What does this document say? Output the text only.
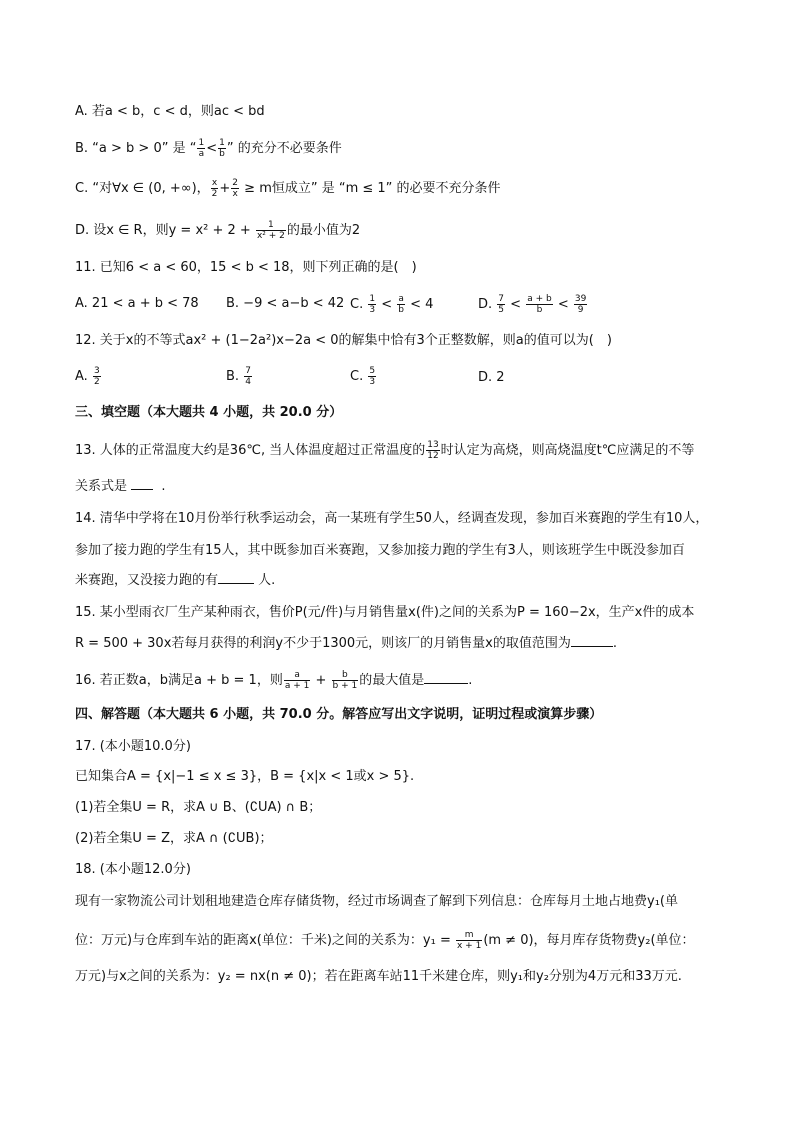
A. 若a < b，c < d，则ac < bd
B. “a > b > 0” 是 “ $\frac{1}{a} < \frac{1}{b}$ ” 的充分不必要条件
C. “对∀x ∈ (0, +∞)， $\frac{x}{2} + \frac{2}{x} \ge m$恒成立” 是 “m ≤ 1” 的必要不充分条件
D. 设x ∈ R，则$y = x^2 + 2 + \frac{1}{\text{x² + 2}}$ 的最小值为2
11. 已知6 < a < 60，15 < b < 18，则下列正确的是(　)
A. 21 < a + b < 78 B. −9 < a−b < 42 C. $\frac{1}{3} < \frac{a}{b} < 4$	D. $\frac{7}{5} < \frac{a + b}{b} < \frac{39}{9}$
12. 关于x的不等式ax² + (1−2a²)x−2a < 0的解集中恰有3个正整数解，则a的值可以为(　)
A. $\frac{3}{2}$	B. $\frac{7}{4}$	C. $\frac{5}{3}$	D. 2
三、填空题（本大题共 4 小题，共 20.0 分）
13. 人体的正常温度大约是36℃, 当人体温度超过正常温度的 $\frac{13}{12}$ 时认定为高烧，则高烧温度t℃应满足的不等
关系式是	.
14. 清华中学将在10月份举行秋季运动会，高一某班有学生50人，经调查发现，参加百米赛跑的学生有10人，
参加了接力跑的学生有15人，其中既参加百米赛跑，又参加接力跑的学生有3人，则该班学生中既没参加百
米赛跑，又没接力跑的有	人.
15. 某小型雨衣厂生产某种雨衣，售价P(元/件)与月销售量x(件)之间的关系为P = 160−2x，生产x件的成本
R = 500 + 30x若每月获得的利润y不少于1300元，则该厂的月销售量x的取值范围为	.
16. 若正数a，b满足a + b = 1，则 $\frac{a}{a + 1} + \frac{b}{b + 1}$ 的最大值是	.
四、解答题（本大题共 6 小题，共 70.0 分。解答应写出文字说明，证明过程或演算步骤）
17. (本小题10.0分)
已知集合A = {x|−1 ≤ x ≤ 3}，B = {x|x < 1或x > 5}.
(1)若全集U = R，求A ∪ B、(∁UA) ∩ B；
(2)若全集U = Z，求A ∩ (∁UB)；
18. (本小题12.0分)
现有一家物流公司计划租地建造仓库存储货物，经过市场调查了解到下列信息：仓库每月土地占地费y₁(单
位：万元)与仓库到车站的距离x(单位：千米)之间的关系为：$y_1 = \frac{m}{x + 1} (m \ne 0)$，每月库存货物费y₂(单位：
万元)与x之间的关系为：y₂ = nx(n ≠ 0)；若在距离车站11千米建仓库，则y₁和y₂分别为4万元和33万元.
